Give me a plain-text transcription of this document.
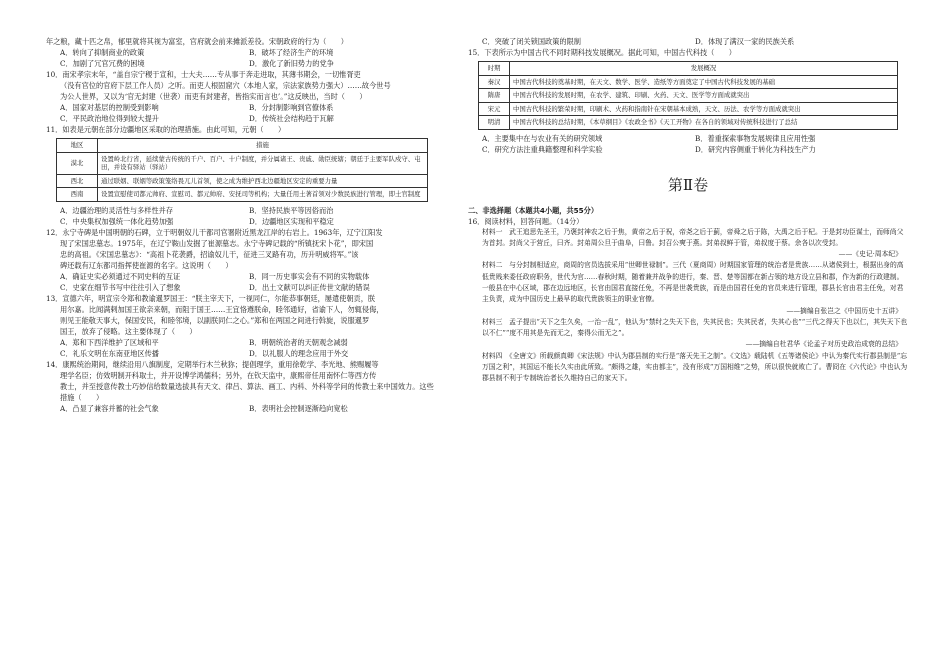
年之粮，藏十匹之帛，郁里就将其视为富室，官府就会前来摊派差役。宋朝政府的行为（　　）
A．转向了抑制商业的政策	B．破坏了经济生产的环境
C．加剧了冗官冗费的困境	D．激化了新旧势力的党争
10．南宋孝宗末年，“盖自宗宁稷于宣和，士大夫……专从事于奔走进取，其薄书期会，一切惟胥吏
（没有官位的官府下层工作人员）之听。而吏人根固窟穴（本地人家，宗法家族势力强大）……故今世号
为公人世界，又以为‘官无封建（世袭）而吏有封建者，皆指实而言也’。”这反映出，当时（　　）
A．国家对基层的控制受到影响	B．分封制影响到官僚体系
C．平民政治地位得到较大提升	D．传统社会结构趋于瓦解
11．如表是元朝在部分边疆地区采取的治理措施。由此可知，元朝（　　）
地区	措施
漠北	设置岭北行省，延续蒙古传统的千户、百户、十户制度，并分属诸王、贵戚、勋臣统辖；朝廷于主要军队戍守、屯田，并设有驿站（驿站）
西北	通过联姻、联姻等政策笼络畏兀儿首领，使之成为维护西北边疆地区安定的重要力量
西南	设置宣慰使司都元帅府、宣慰司、都元帅府、安抚司等机构；大量任用土著首领对少数民族进行管理，即土官制度
A．边疆治理的灵活性与多样性并存	B．坚持民族平等因俗而治
C．中央集权加强统一体化趋势加强	D．边疆地区实现和平稳定
12．永宁寺碑是中国明朝的石碑，立于明朝奴儿干都司官署附近黑龙江岸的右岩上。1963年，辽宁江阳发
现了宋国忠墓志。1975年，在辽宁鞍山发掘了崔源墓志。永宁寺碑记载的“所镇抚宋卜花”，即宋国
忠的高祖。《宋国忠墓志》：“高祖卜花袭爵，招谕奴儿干，征进三叉路有功，历升明威将军。”该
碑还载有辽东都司指挥使崔源的名字。这说明（　　）
A．确证史实必须通过不同史料的互证	B．同一历史事实会有不同的实物载体
C．史家在细节书写中往往引入了想象	D．出土文献可以纠正传世文献的错误
13．宣德六年，明宣宗令郑和教谕暹罗国王：“朕主宰天下，一视同仁，尔能恭事朝廷，屡遣使朝贡，朕
用尔嘉。比闻满剌加国王欲亲来朝，而阻于国王……王宜恪遵朕命，睦邻通好，省谕下人，勿辄侵侮，
则见王能敬天事大，保国安民，和睦邻境，以副朕同仁之心。”郑和在两国之间进行斡旋，说服暹罗
国王，放弃了侵略。这主要体现了（　　）
A．郑和下西洋维护了区域和平	B．明朝统治者的天朝观念减弱
C．礼乐文明在东南亚地区传播	D．以礼服人的理念应用于外交
14．康熙统治期间，继续沿用八旗制度，定期举行木兰秋狝；提倡理学，重用徐乾学、李光地、熊赐履等
理学名臣；仿效明制开科取士，并开设博学鸿儒科；另外，在钦天监中，康熙帝任用南怀仁等西方传
教士，并至授意传教士巧妙信给数量选拔具有天文、律吕、算法、画工、内科、外科等学问的传教士来中国效力。这些措施（　　）
A．凸显了兼容并蓄的社会气象	B．表明社会控制逐渐趋向宽松
C．突破了闭关锁国政策的限制	D．体现了满汉一家的民族关系
15．下表所示为中国古代不同时期科技发展概况。据此可知，中国古代科技（　　）
时期	发展概况
秦汉	中国古代科技的奠基时期，在天文、数学、医学、造纸等方面奠定了中国古代科技发展的基础
隋唐	中国古代科技的发展时期，在农学、建筑、印刷、火药、天文、医学等方面成就突出
宋元	中国古代科技的繁荣时期，印刷术、火药和指南针在宋朝基本成熟，天文、历法、农学等方面成就突出
明清	中国古代科技的总结时期，《本草纲目》《农政全书》《天工开物》在各自的领域对传统科技进行了总结
A．主要集中在与农业有关的研究领域	B．着重探索事物发展规律且应用性强
C．研究方法注重典籍整理和科学实验	D．研究内容侧重于转化为科技生产力
第Ⅱ卷
二、非选择题（本题共4小题，共55分）
16．阅读材料，回答问题。（14分）
材料一　武王追思先圣王，乃褒封神农之后于焦，黄帝之后于祝，帝尧之后于蓟，帝舜之后于陈，大禹之后于杞。于是封功臣谋士，而师尚父为首封。封尚父于营丘，曰齐。封弟周公旦于曲阜，曰鲁。封召公奭于燕。封弟叔鲜于管，弟叔度于蔡。余各以次受封。
——《史记·周本纪》
材料二　与分封制相适应，商周的官员选拔采用“世卿世禄制”。三代（夏商周）时期国家管理的统治者是贵族……从诸侯到士，根据出身的高低贵贱来委任政府职务，世代为官……春秋时期，随着兼并战争的进行，秦、晋、楚等国都在新占领的地方设立县和郡，作为新的行政建制。一般县在中心区域，郡在边远地区，长官由国君直接任免，不再是世袭贵族，而是由国君任免的官员来进行管理，郡县长官由君主任免，对君主负责，成为中国历史上最早的取代贵族领主的职业官僚。
——摘编自张岂之《中国历史十五讲》
材料三　孟子提出“天下之生久矣，一治一乱”，他认为“禁纣之失天下也，失其民也；失其民者，失其心也”“三代之得天下也以仁，其失天下也以不仁”“度不用其是先而无之，秦得公而无之”。
——摘编自杜君华《论孟子对历史政治成衰的总结》
材料四　《全唐文》所载颜真卿《宋法规》中认为郡县制的实行是“落天先王之制”。《文选》载陆机《五等诸侯论》中认为秦代实行郡县制是“忘万国之利”，其国运不能长久实由此所致。“颇得之雄，实由都主”，没有形成“万国相维”之势，所以很快就败亡了。曹冏在《六代论》中也认为郡县制不利于专制统治者长久维持自己的家天下。
